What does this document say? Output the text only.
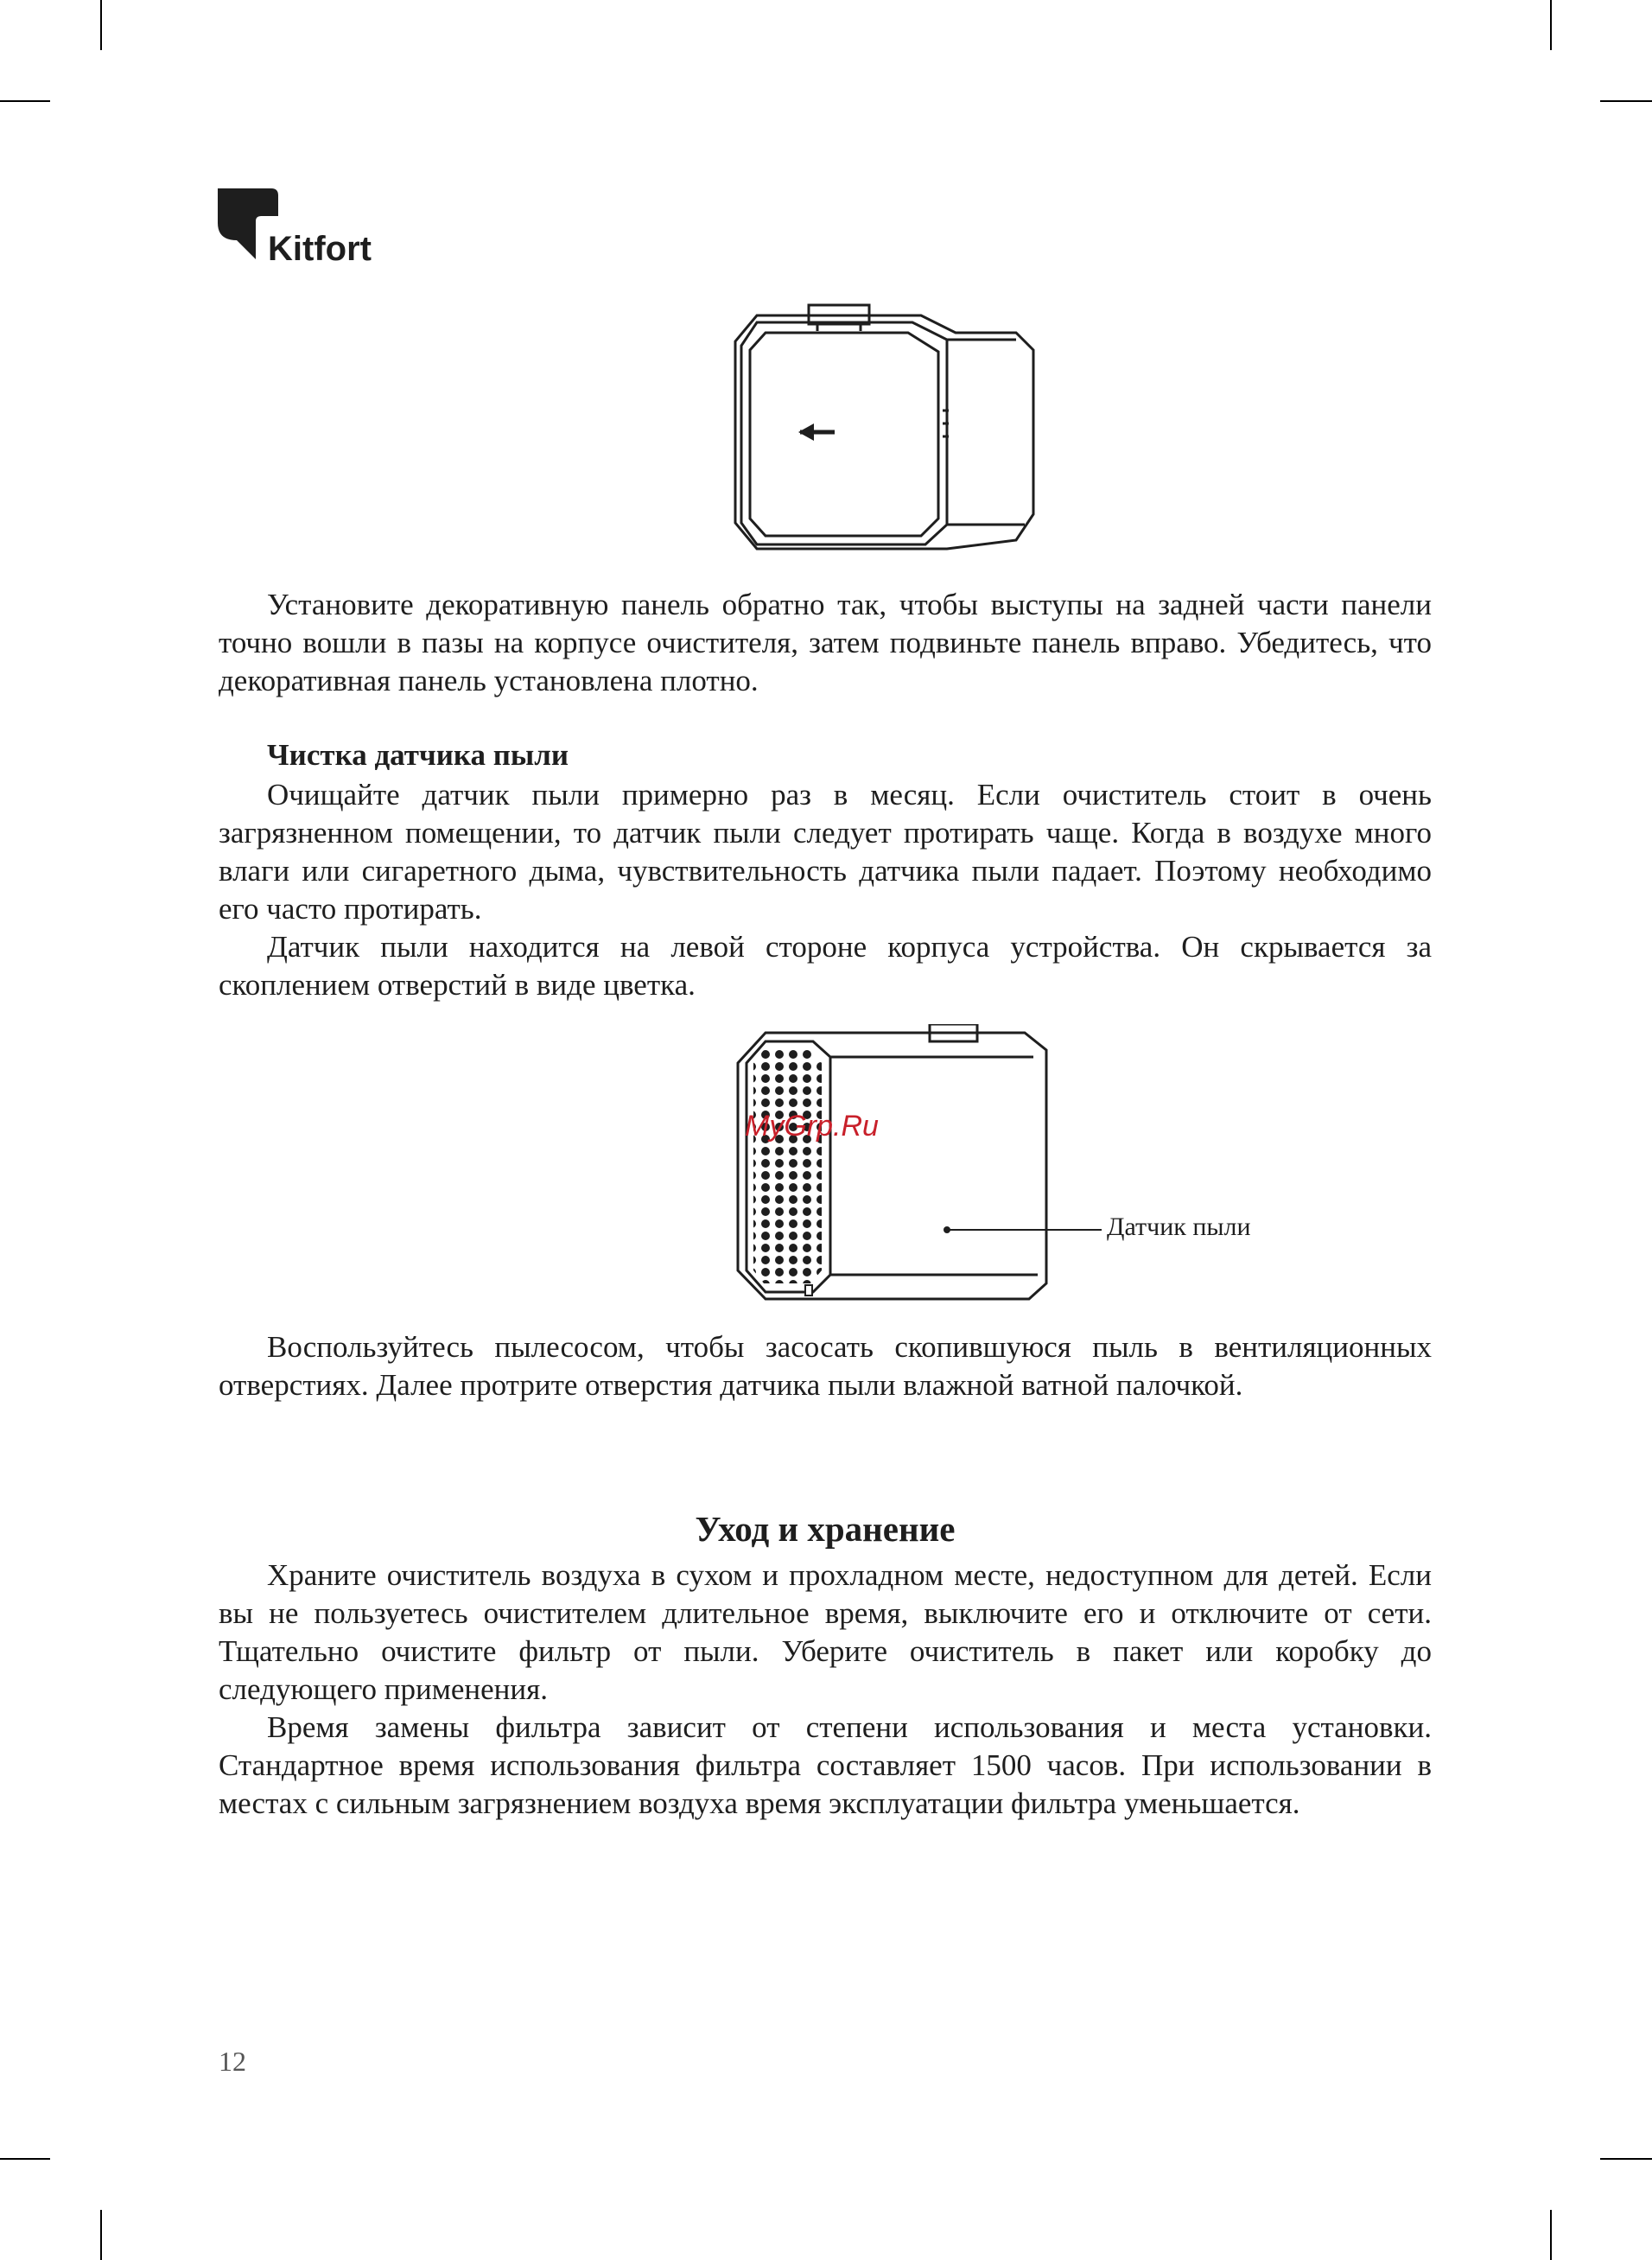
Kitfort

Установите декоративную панель обратно так, чтобы выступы на задней части панели точно вошли в пазы на корпусе очистителя, затем подвиньте панель вправо. Убедитесь, что декоративная панель установлена плотно.

Чистка датчика пыли

Очищайте датчик пыли примерно раз в месяц. Если очиститель стоит в очень загрязненном помещении, то датчик пыли следует протирать чаще. Когда в воздухе много влаги или сигаретного дыма, чувствительность датчика пыли падает. Поэтому необходимо его часто протирать.

Датчик пыли находится на левой стороне корпуса устройства. Он скрывается за скоплением отверстий в виде цветка.

Датчик пыли
MyGrp.Ru

Воспользуйтесь пылесосом, чтобы засосать скопившуюся пыль в вентиляционных отверстиях. Далее протрите отверстия датчика пыли влажной ватной палочкой.

Уход и хранение

Храните очиститель воздуха в сухом и прохладном месте, недоступном для детей. Если вы не пользуетесь очистителем длительное время, выключите его и отключите от сети. Тщательно очистите фильтр от пыли. Уберите очиститель в пакет или коробку до следующего применения.

Время замены фильтра зависит от степени использования и места установки. Стандартное время использования фильтра составляет 1500 часов. При использовании в местах с сильным загрязнением воздуха время эксплуатации фильтра уменьшается.

12
